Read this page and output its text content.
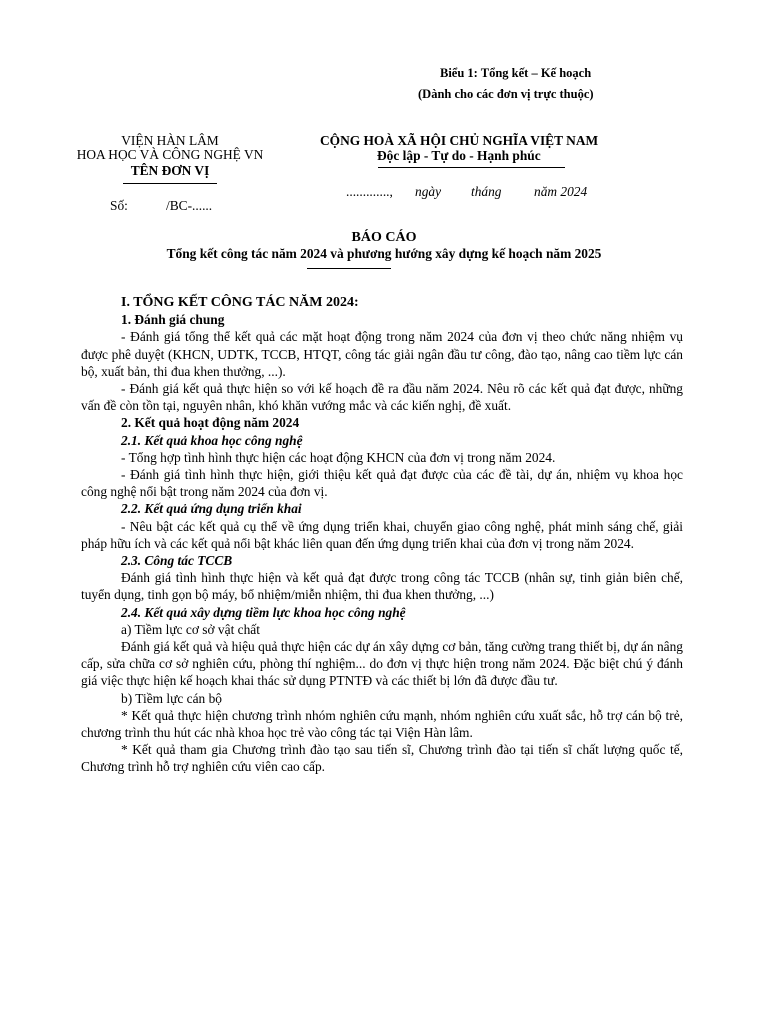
Biểu 1: Tổng kết – Kế hoạch
(Dành cho các đơn vị trực thuộc)
VIỆN HÀN LÂM
HOA HỌC VÀ CÔNG NGHỆ VN
TÊN ĐƠN VỊ
Số:	/BC-......
CỘNG HOÀ XÃ HỘI CHỦ NGHĨA VIỆT NAM
Độc lập - Tự do - Hạnh phúc
............., ngày tháng năm 2024
BÁO CÁO
Tổng kết công tác năm 2024 và phương hướng xây dựng kế hoạch năm 2025

I. TỔNG KẾT CÔNG TÁC NĂM 2024:

1. Đánh giá chung

- Đánh giá tổng thể kết quả các mặt hoạt động trong năm 2024 của đơn vị theo chức năng nhiệm vụ được phê duyệt (KHCN, UDTK, TCCB, HTQT, công tác giải ngân đầu tư công, đào tạo, nâng cao tiềm lực cán bộ, xuất bản, thi đua khen thưởng, ...).

- Đánh giá kết quả thực hiện so với kế hoạch đề ra đầu năm 2024. Nêu rõ các kết quả đạt được, những vấn đề còn tồn tại, nguyên nhân, khó khăn vướng mắc và các kiến nghị, đề xuất.

2. Kết quả hoạt động năm 2024

2.1. Kết quả khoa học công nghệ

- Tổng hợp tình hình thực hiện các hoạt động KHCN của đơn vị trong năm 2024.

- Đánh giá tình hình thực hiện, giới thiệu kết quả đạt được của các đề tài, dự án, nhiệm vụ khoa học công nghệ nổi bật trong năm 2024 của đơn vị.

2.2. Kết quả ứng dụng triển khai

- Nêu bật các kết quả cụ thể về ứng dụng triển khai, chuyển giao công nghệ, phát minh sáng chế, giải pháp hữu ích và các kết quả nổi bật khác liên quan đến ứng dụng triển khai của đơn vị trong năm 2024.

2.3. Công tác TCCB

Đánh giá tình hình thực hiện và kết quả đạt được trong công tác TCCB (nhân sự, tinh giản biên chế, tuyển dụng, tinh gọn bộ máy, bổ nhiệm/miễn nhiệm, thi đua khen thưởng, ...)

2.4. Kết quả xây dựng tiềm lực khoa học công nghệ

a) Tiềm lực cơ sở vật chất

Đánh giá kết quả và hiệu quả thực hiện các dự án xây dựng cơ bản, tăng cường trang thiết bị, dự án nâng cấp, sửa chữa cơ sở nghiên cứu, phòng thí nghiệm... do đơn vị thực hiện trong năm 2024. Đặc biệt chú ý đánh giá việc thực hiện kế hoạch khai thác sử dụng PTNTĐ và các thiết bị lớn đã được đầu tư.

b) Tiềm lực cán bộ

* Kết quả thực hiện chương trình nhóm nghiên cứu mạnh, nhóm nghiên cứu xuất sắc, hỗ trợ cán bộ trẻ, chương trình thu hút các nhà khoa học trẻ vào công tác tại Viện Hàn lâm.

* Kết quả tham gia Chương trình đào tạo sau tiến sĩ, Chương trình đào tại tiến sĩ chất lượng quốc tế, Chương trình hỗ trợ nghiên cứu viên cao cấp.
